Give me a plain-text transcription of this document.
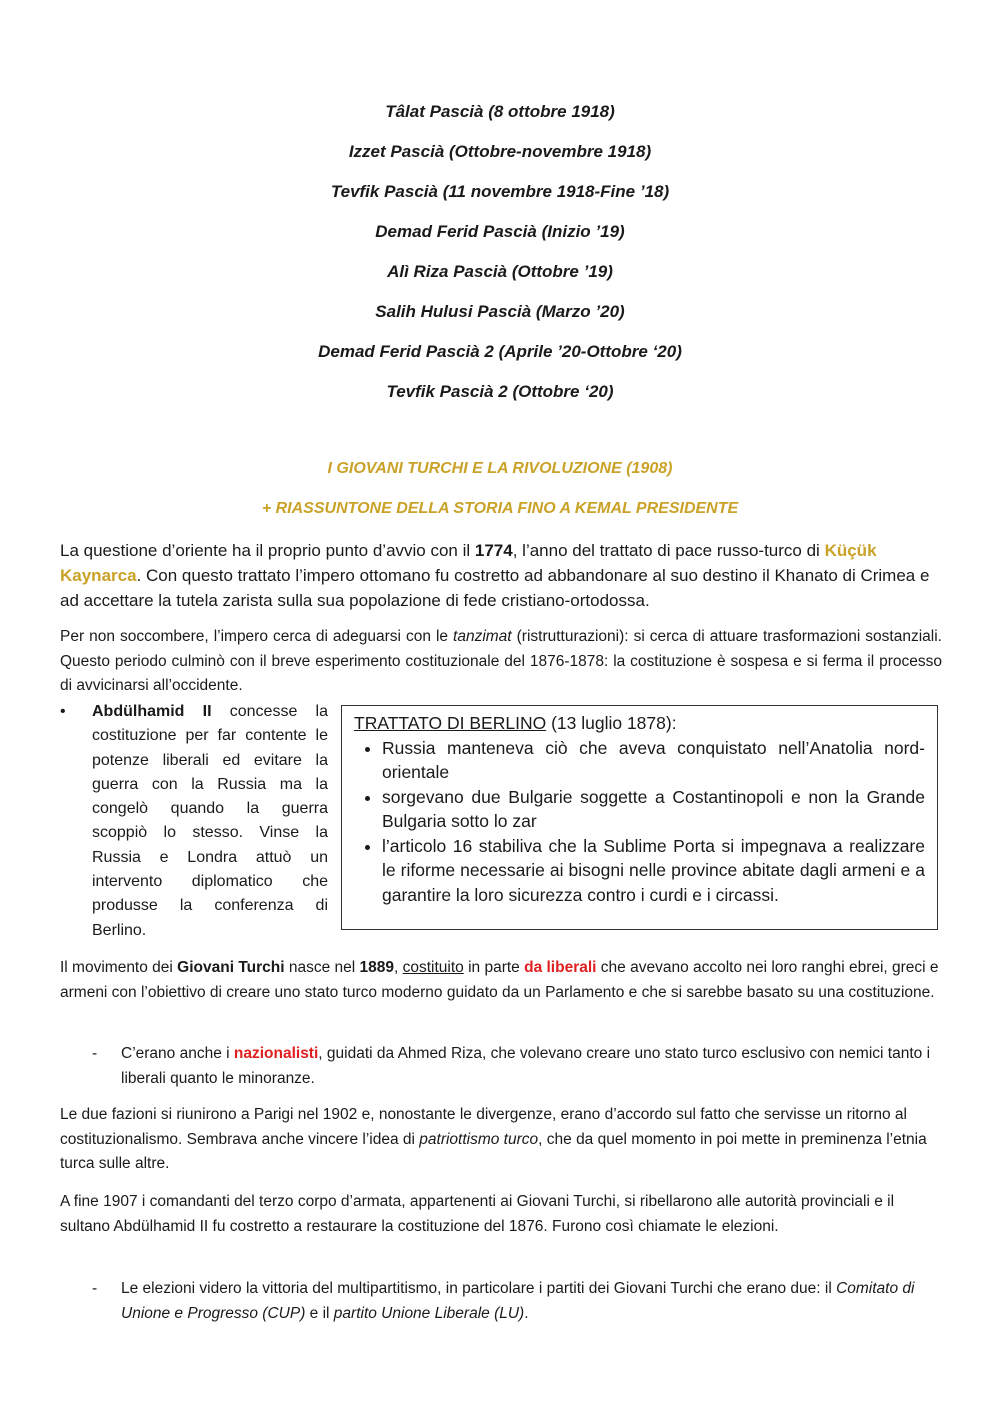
Tâlat Pascià (8 ottobre 1918)

Izzet Pascià (Ottobre-novembre 1918)

Tevfik Pascià (11 novembre 1918-Fine ’18)

Demad Ferid Pascià (Inizio ’19)

Alì Riza Pascià (Ottobre ’19)

Salih Hulusi Pascià (Marzo ’20)

Demad Ferid Pascià 2 (Aprile ’20-Ottobre ‘20)

Tevfik Pascià 2 (Ottobre ‘20)

I GIOVANI TURCHI E LA RIVOLUZIONE (1908)

+ RIASSUNTONE DELLA STORIA FINO A KEMAL PRESIDENTE

La questione d’oriente ha il proprio punto d’avvio con il 1774, l’anno del trattato di pace russo-turco di Küçük Kaynarca. Con questo trattato l’impero ottomano fu costretto ad abbandonare al suo destino il Khanato di Crimea e ad accettare la tutela zarista sulla sua popolazione di fede cristiano-ortodossa.

Per non soccombere, l’impero cerca di adeguarsi con le tanzimat (ristrutturazioni): si cerca di attuare trasformazioni sostanziali. Questo periodo culminò con il breve esperimento costituzionale del 1876-1878: la costituzione è sospesa e si ferma il processo di avvicinarsi all’occidente.

• Abdülhamid II concesse la costituzione per far contente le potenze liberali ed evitare la guerra con la Russia ma la congelò quando la guerra scoppiò lo stesso. Vinse la Russia e Londra attuò un intervento diplomatico che produsse la conferenza di Berlino.
TRATTATO DI BERLINO (13 luglio 1878):
• Russia manteneva ciò che aveva conquistato nell’Anatolia nord-orientale
• sorgevano due Bulgarie soggette a Costantinopoli e non la Grande Bulgaria sotto lo zar
• l’articolo 16 stabiliva che la Sublime Porta si impegnava a realizzare le riforme necessarie ai bisogni nelle province abitate dagli armeni e a garantire la loro sicurezza contro i curdi e i circassi.

Il movimento dei Giovani Turchi nasce nel 1889, costituito in parte da liberali che avevano accolto nei loro ranghi ebrei, greci e armeni con l’obiettivo di creare uno stato turco moderno guidato da un Parlamento e che si sarebbe basato su una costituzione.

- C’erano anche i nazionalisti, guidati da Ahmed Riza, che volevano creare uno stato turco esclusivo con nemici tanto i liberali quanto le minoranze.

Le due fazioni si riunirono a Parigi nel 1902 e, nonostante le divergenze, erano d’accordo sul fatto che servisse un ritorno al costituzionalismo. Sembrava anche vincere l’idea di patriottismo turco, che da quel momento in poi mette in preminenza l’etnia turca sulle altre.

A fine 1907 i comandanti del terzo corpo d’armata, appartenenti ai Giovani Turchi, si ribellarono alle autorità provinciali e il sultano Abdülhamid II fu costretto a restaurare la costituzione del 1876. Furono così chiamate le elezioni.

- Le elezioni videro la vittoria del multipartitismo, in particolare i partiti dei Giovani Turchi che erano due: il Comitato di Unione e Progresso (CUP) e il partito Unione Liberale (LU).
